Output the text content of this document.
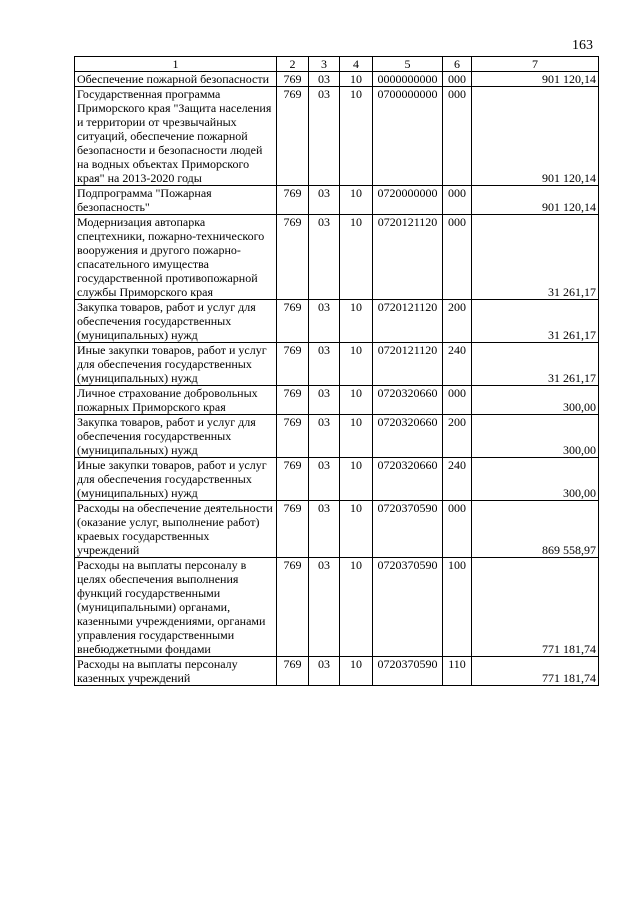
163
1	2	3	4	5	6	7
Обеспечение пожарной безопасности	769	03	10	0000000000	000	901 120,14
Государственная программа Приморского края "Защита населения и территории от чрезвычайных ситуаций, обеспечение пожарной безопасности и безопасности людей на водных объектах Приморского края" на 2013-2020 годы	769	03	10	0700000000	000	901 120,14
Подпрограмма "Пожарная безопасность"	769	03	10	0720000000	000	901 120,14
Модернизация автопарка спецтехники, пожарно-технического вооружения и другого пожарно-спасательного имущества государственной противопожарной службы Приморского края	769	03	10	0720121120	000	31 261,17
Закупка товаров, работ и услуг для обеспечения государственных (муниципальных) нужд	769	03	10	0720121120	200	31 261,17
Иные закупки товаров, работ и услуг для обеспечения государственных (муниципальных) нужд	769	03	10	0720121120	240	31 261,17
Личное страхование добровольных пожарных Приморского края	769	03	10	0720320660	000	300,00
Закупка товаров, работ и услуг для обеспечения государственных (муниципальных) нужд	769	03	10	0720320660	200	300,00
Иные закупки товаров, работ и услуг для обеспечения государственных (муниципальных) нужд	769	03	10	0720320660	240	300,00
Расходы на обеспечение деятельности (оказание услуг, выполнение работ) краевых государственных учреждений	769	03	10	0720370590	000	869 558,97
Расходы на выплаты персоналу в целях обеспечения выполнения функций государственными (муниципальными) органами, казенными учреждениями, органами управления государственными внебюджетными фондами	769	03	10	0720370590	100	771 181,74
Расходы на выплаты персоналу казенных учреждений	769	03	10	0720370590	110	771 181,74
